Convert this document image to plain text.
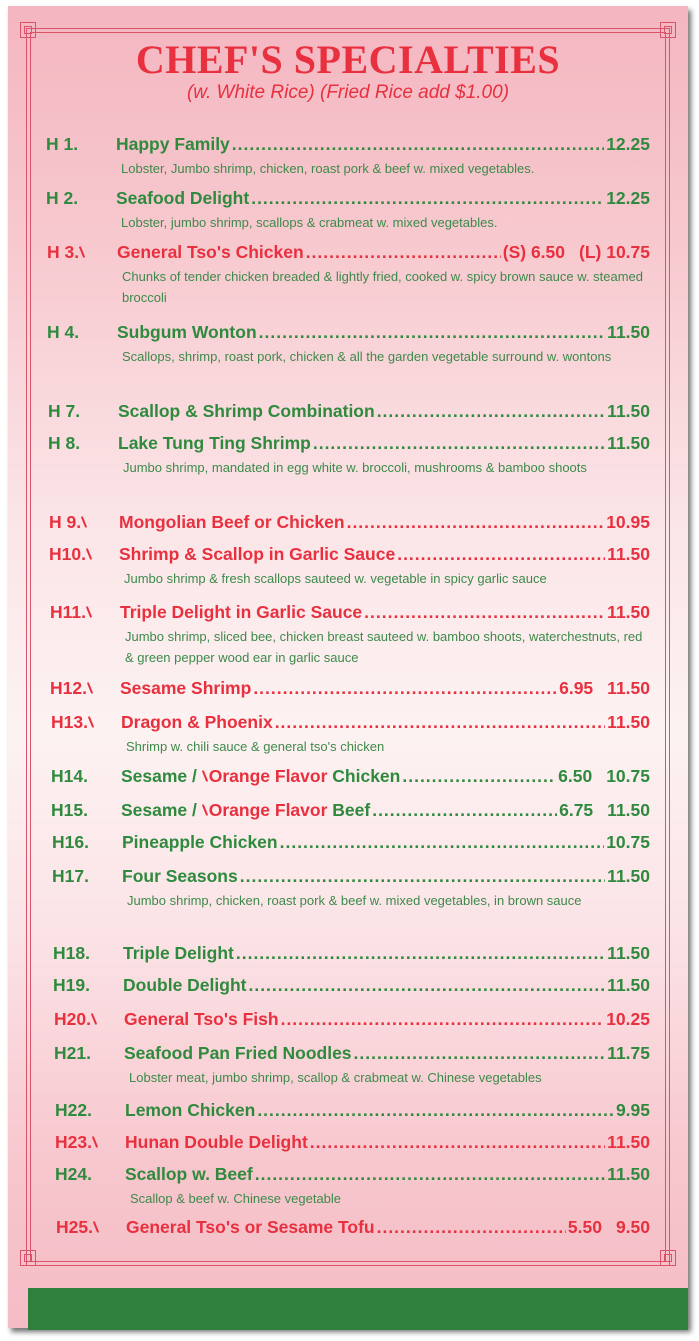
CHEF'S SPECIALTIES
(w. White Rice) (Fried Rice add $1.00)
H 1.	Happy Family .....	12.25
Lobster, Jumbo shrimp, chicken, roast pork & beef w. mixed vegetables.
H 2.	Seafood Delight .....	12.25
Lobster, jumbo shrimp, scallops & crabmeat w. mixed vegetables.
H 3.	General Tso's Chicken .....	(S) 6.50 (L) 10.75
Chunks of tender chicken breaded & lightly fried, cooked w. spicy brown sauce w. steamed broccoli
H 4.	Subgum Wonton .....	11.50
Scallops, shrimp, roast pork, chicken & all the garden vegetable surround w. wontons
H 7.	Scallop & Shrimp Combination .....	11.50
H 8.	Lake Tung Ting Shrimp .....	11.50
Jumbo shrimp, mandated in egg white w. broccoli, mushrooms & bamboo shoots
H 9.	Mongolian Beef or Chicken .....	10.95
H10.	Shrimp & Scallop in Garlic Sauce .....	11.50
Jumbo shrimp & fresh scallops sauteed w. vegetable in spicy garlic sauce
H11.	Triple Delight in Garlic Sauce .....	11.50
Jumbo shrimp, sliced bee, chicken breast sauteed w. bamboo shoots, waterchestnuts, red & green pepper wood ear in garlic sauce
H12.	Sesame Shrimp .....	6.95 11.50
H13.	Dragon & Phoenix .....	11.50
Shrimp w. chili sauce & general tso's chicken
H14.	Sesame / Orange Flavor Chicken .....	6.50 10.75
H15.	Sesame / Orange Flavor Beef .....	6.75 11.50
H16.	Pineapple Chicken .....	10.75
H17.	Four Seasons .....	11.50
Jumbo shrimp, chicken, roast pork & beef w. mixed vegetables, in brown sauce
H18.	Triple Delight .....	11.50
H19.	Double Delight .....	11.50
H20.	General Tso's Fish .....	10.25
H21.	Seafood Pan Fried Noodles .....	11.75
Lobster meat, jumbo shrimp, scallop & crabmeat w. Chinese vegetables
H22.	Lemon Chicken .....	9.95
H23.	Hunan Double Delight .....	11.50
H24.	Scallop w. Beef .....	11.50
Scallop & beef w. Chinese vegetable
H25.	General Tso's or Sesame Tofu .....	5.50 9.50
